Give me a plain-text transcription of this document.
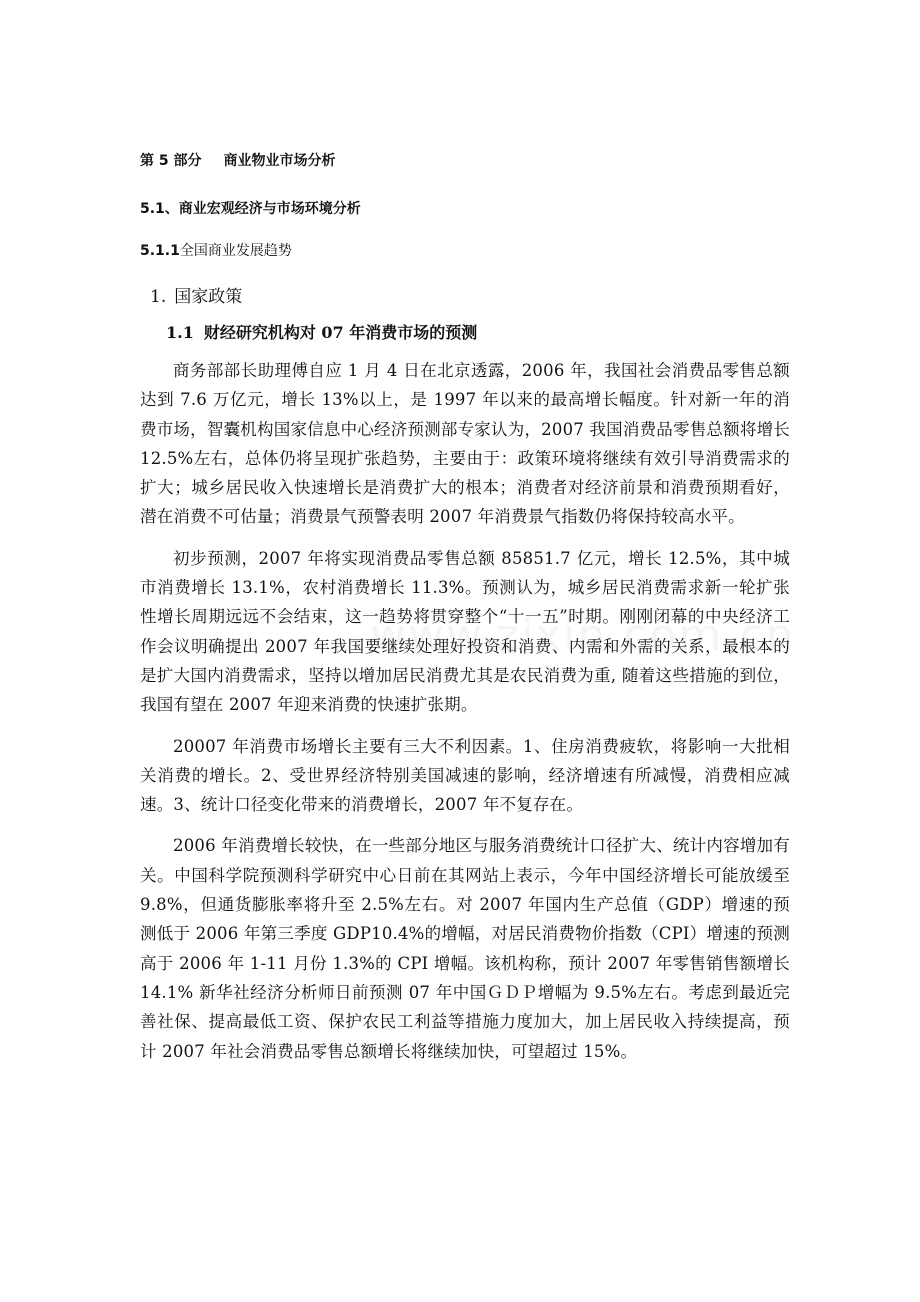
第 5 部分 商业物业市场分析
5.1、商业宏观经济与市场环境分析
5.1.1全国商业发展趋势
1. 国家政策
1.1 财经研究机构对 07 年消费市场的预测

商务部部长助理傅自应 1 月 4 日在北京透露，2006 年，我国社会消费品零售总额达到 7.6 万亿元，增长 13%以上，是 1997 年以来的最高增长幅度。针对新一年的消费市场，智囊机构国家信息中心经济预测部专家认为，2007 我国消费品零售总额将增长 12.5%左右，总体仍将呈现扩张趋势，主要由于：政策环境将继续有效引导消费需求的扩大；城乡居民收入快速增长是消费扩大的根本；消费者对经济前景和消费预期看好，潜在消费不可估量；消费景气预警表明 2007 年消费景气指数仍将保持较高水平。

初步预测，2007 年将实现消费品零售总额 85851.7 亿元，增长 12.5%，其中城市消费增长 13.1%，农村消费增长 11.3%。预测认为，城乡居民消费需求新一轮扩张性增长周期远远不会结束，这一趋势将贯穿整个“十一五”时期。刚刚闭幕的中央经济工作会议明确提出 2007 年我国要继续处理好投资和消费、内需和外需的关系，最根本的是扩大国内消费需求，坚持以增加居民消费尤其是农民消费为重, 随着这些措施的到位，我国有望在 2007 年迎来消费的快速扩张期。

20007 年消费市场增长主要有三大不利因素。1、住房消费疲软，将影响一大批相关消费的增长。2、受世界经济特别美国减速的影响，经济增速有所减慢，消费相应减速。3、统计口径变化带来的消费增长，2007 年不复存在。

2006 年消费增长较快，在一些部分地区与服务消费统计口径扩大、统计内容增加有关。中国科学院预测科学研究中心日前在其网站上表示，今年中国经济增长可能放缓至 9.8%，但通货膨胀率将升至 2.5%左右。对 2007 年国内生产总值（GDP）增速的预测低于 2006 年第三季度 GDP10.4%的增幅，对居民消费物价指数（CPI）增速的预测高于 2006 年 1-11 月份 1.3%的 CPI 增幅。该机构称，预计 2007 年零售销售额增长 14.1% 新华社经济分析师日前预测 07 年中国ＧＤＰ增幅为 9.5%左右。考虑到最近完善社保、提高最低工资、保护农民工利益等措施力度加大，加上居民收入持续提高，预计 2007 年社会消费品零售总额增长将继续加快，可望超过 15%。
